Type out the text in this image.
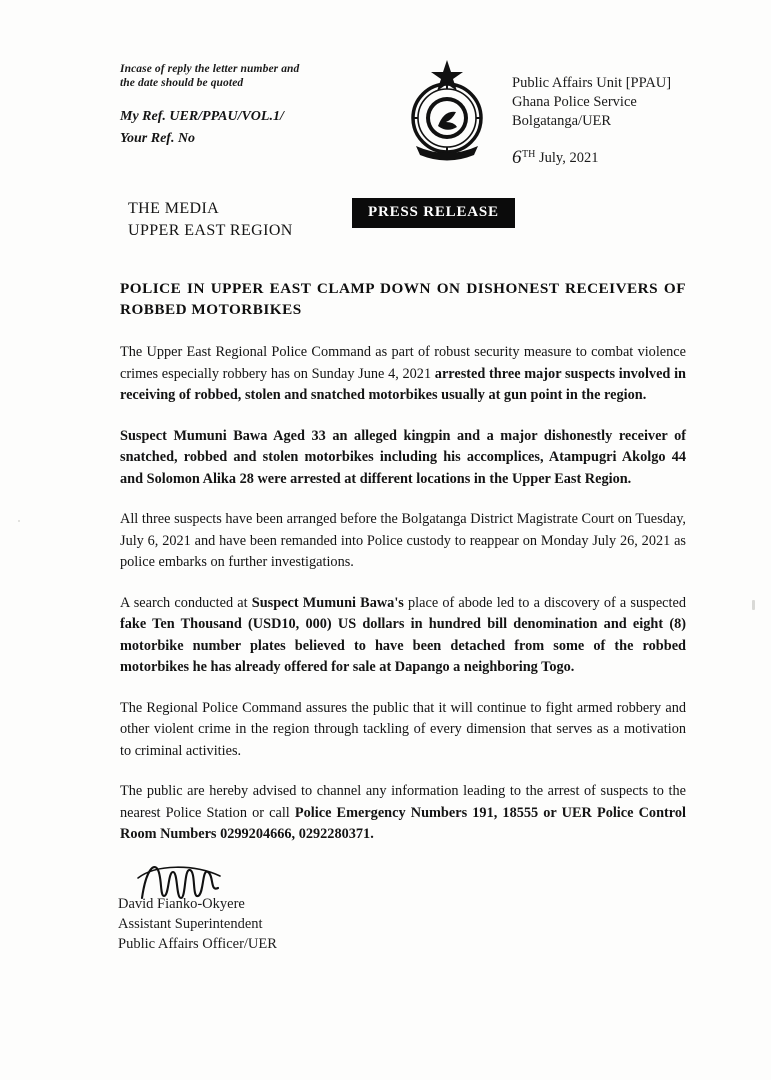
Incase of reply the letter number and
the date should be quoted
My Ref. UER/PPAU/VOL.1/
Your Ref. No
Public Affairs Unit [PPAU]
Ghana Police Service
Bolgatanga/UER
6TH July, 2021
THE MEDIA
UPPER EAST REGION
PRESS RELEASE
POLICE IN UPPER EAST CLAMP DOWN ON DISHONEST RECEIVERS OF ROBBED MOTORBIKES

The Upper East Regional Police Command as part of robust security measure to combat violence crimes especially robbery has on Sunday June 4, 2021 arrested three major suspects involved in receiving of robbed, stolen and snatched motorbikes usually at gun point in the region.

Suspect Mumuni Bawa Aged 33 an alleged kingpin and a major dishonestly receiver of snatched, robbed and stolen motorbikes including his accomplices, Atampugri Akolgo 44 and Solomon Alika 28 were arrested at different locations in the Upper East Region.

All three suspects have been arranged before the Bolgatanga District Magistrate Court on Tuesday, July 6, 2021 and have been remanded into Police custody to reappear on Monday July 26, 2021 as police embarks on further investigations.

A search conducted at Suspect Mumuni Bawa's place of abode led to a discovery of a suspected fake Ten Thousand (USD10, 000) US dollars in hundred bill denomination and eight (8) motorbike number plates believed to have been detached from some of the robbed motorbikes he has already offered for sale at Dapango a neighboring Togo.

The Regional Police Command assures the public that it will continue to fight armed robbery and other violent crime in the region through tackling of every dimension that serves as a motivation to criminal activities.

The public are hereby advised to channel any information leading to the arrest of suspects to the nearest Police Station or call Police Emergency Numbers 191, 18555 or UER Police Control Room Numbers 0299204666, 0292280371.

David Fianko-Okyere
Assistant Superintendent
Public Affairs Officer/UER
